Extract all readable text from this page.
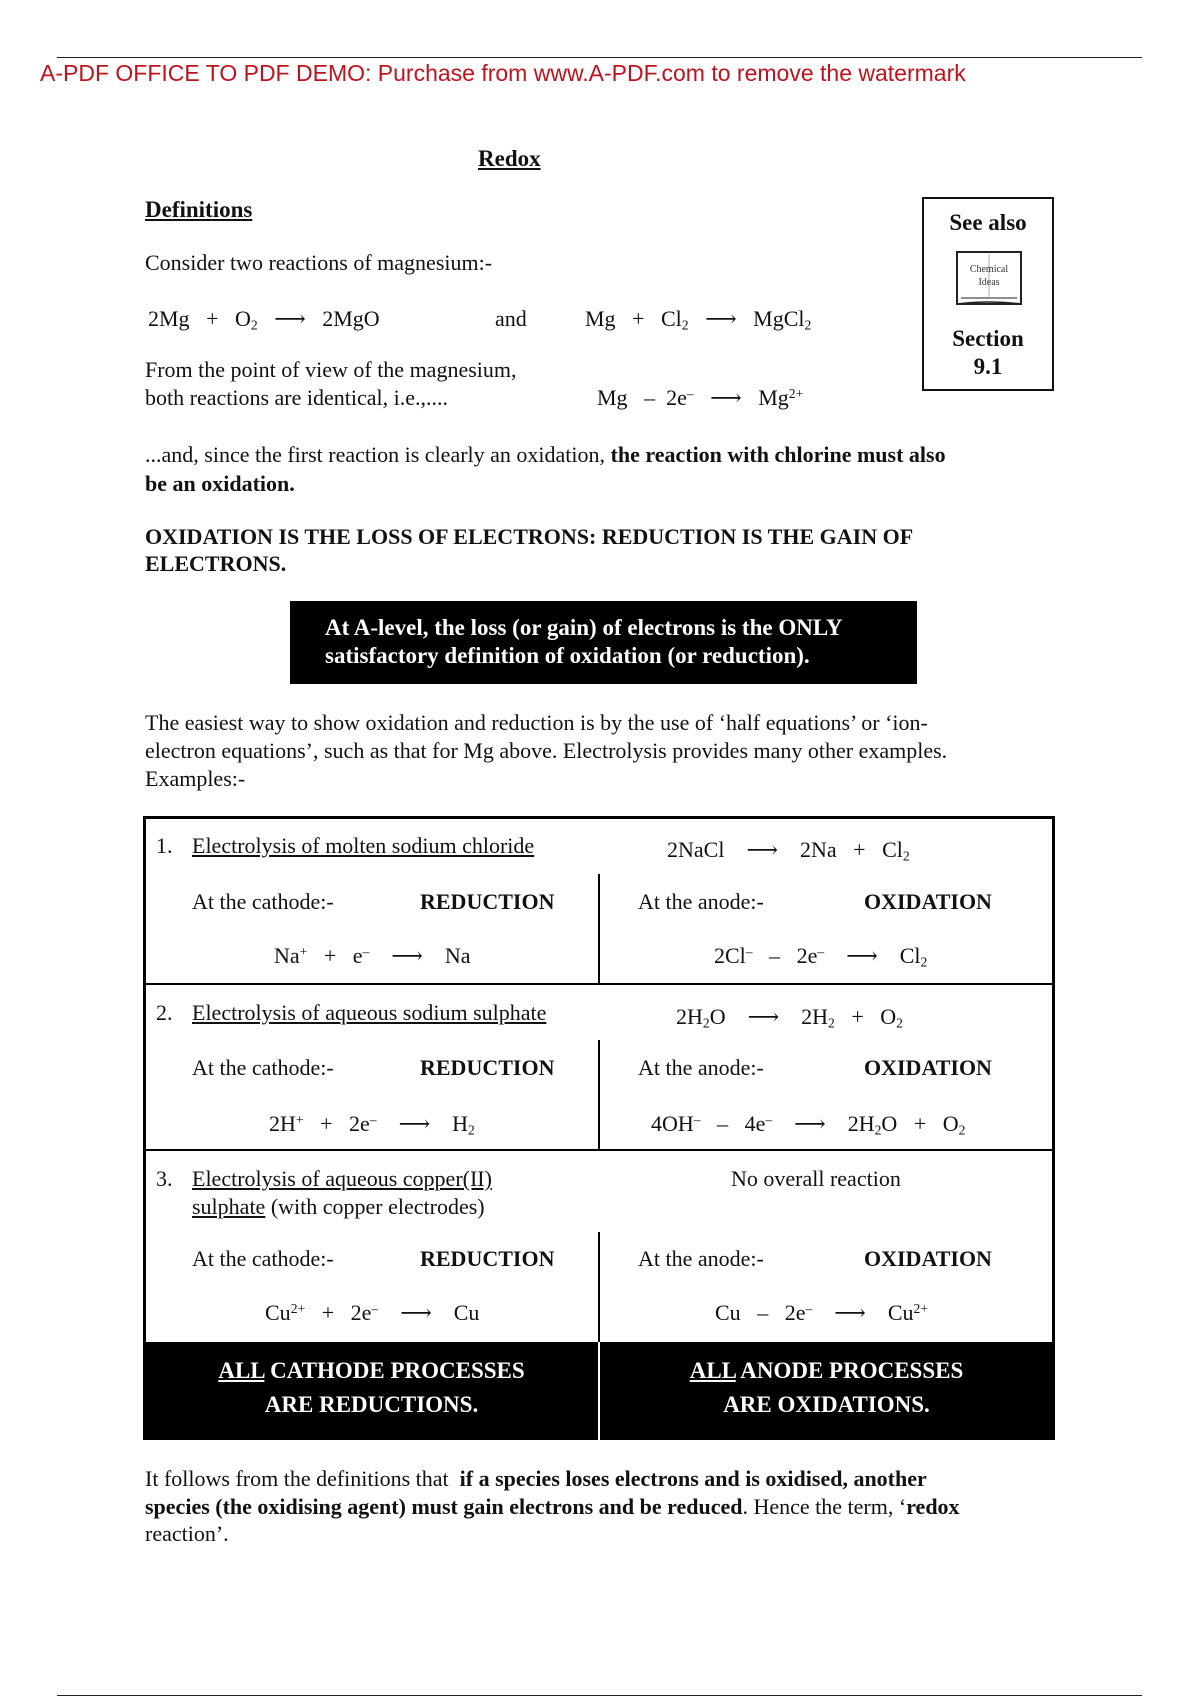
A-PDF OFFICE TO PDF DEMO: Purchase from www.A-PDF.com to remove the watermark
Redox
Definitions
See also
Chemical
Ideas
Section
9.1
Consider two reactions of magnesium:-
$2Mg + O_2$ ⟶ 2MgO	and	$Mg + Cl_2$ ⟶ MgCl$_2$
From the point of view of the magnesium,
both reactions are identical, i.e.,....	Mg – 2e– ⟶ $Mg^{2+}$
...and, since the first reaction is clearly an oxidation, the reaction with chlorine must also
be an oxidation.
OXIDATION IS THE LOSS OF ELECTRONS: REDUCTION IS THE GAIN OF
ELECTRONS.
At A-level, the loss (or gain) of electrons is the ONLY
satisfactory definition of oxidation (or reduction).
The easiest way to show oxidation and reduction is by the use of ‘half equations’ or ‘ion-
electron equations’, such as that for Mg above. Electrolysis provides many other examples.
Examples:-
1. Electrolysis of molten sodium chloride	2NaCl ⟶ $2Na + Cl_2$
At the cathode:-	REDUCTION	At the anode:-	OXIDATION
Na+ + e– ⟶ Na	2Cl– – 2e– ⟶ $Cl_2$
2. Electrolysis of aqueous sodium sulphate	$2H_2O$ ⟶ $2H_2 + O_2$
At the cathode:-	REDUCTION	At the anode:-	OXIDATION
2H+ + 2e– ⟶ $H_2$	4OH– – 4e– ⟶ $2H_2O + O_2$
3. Electrolysis of aqueous copper(II)
sulphate (with copper electrodes)
No overall reaction
At the cathode:-	REDUCTION	At the anode:-	OXIDATION
$Cu^{2+} + 2e^-$ ⟶ Cu	Cu – 2e– ⟶ $Cu^{2+}$
ALL CATHODE PROCESSES
ARE REDUCTIONS.
ALL ANODE PROCESSES
ARE OXIDATIONS.
It follows from the definitions that if a species loses electrons and is oxidised, another
species (the oxidising agent) must gain electrons and be reduced. Hence the term, ‘redox
reaction’.
